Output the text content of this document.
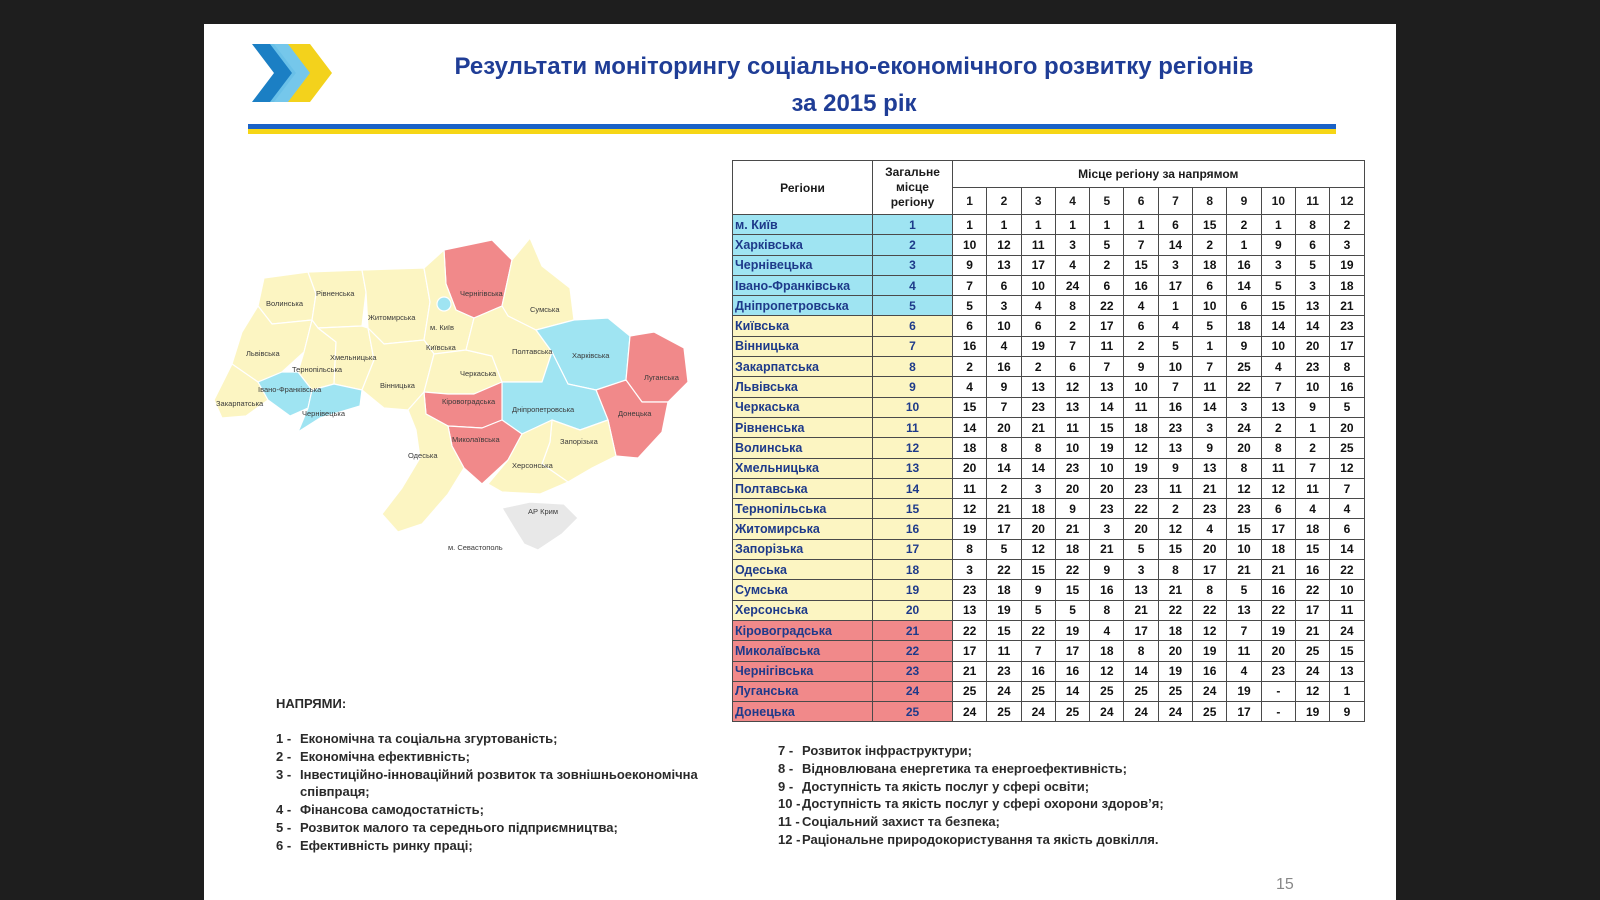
Результати моніторингу соціально-економічного розвитку регіонів
за 2015 рік
Волинська
Рівненська
Житомирська
Чернігівська
Сумська
м. Київ
Київська
Львівська
Тернопільська
Хмельницька
Вінницька
Черкаська
Полтавська	Харківська
Луганська
Донецька
Дніпропетровська
Запорізька
Кіровоградська
Миколаївська
Херсонська
Одеська
Закарпатська
Івано-Франківська
Чернівецька
АР Крим
м. Севастополь
Регіони	Загальне місце регіону	Місце регіону за напрямом											
		1	2	3	4	5	6	7	8	9	10	11	12
м. Київ	1	1	1	1	1	1	1	6	15	2	1	8	2
Харківська	2	10	12	11	3	5	7	14	2	1	9	6	3
Чернівецька	3	9	13	17	4	2	15	3	18	16	3	5	19
Івано-Франківська	4	7	6	10	24	6	16	17	6	14	5	3	18
Дніпропетровська	5	5	3	4	8	22	4	1	10	6	15	13	21
Київська	6	6	10	6	2	17	6	4	5	18	14	14	23
Вінницька	7	16	4	19	7	11	2	5	1	9	10	20	17
Закарпатська	8	2	16	2	6	7	9	10	7	25	4	23	8
Львівська	9	4	9	13	12	13	10	7	11	22	7	10	16
Черкаська	10	15	7	23	13	14	11	16	14	3	13	9	5
Рівненська	11	14	20	21	11	15	18	23	3	24	2	1	20
Волинська	12	18	8	8	10	19	12	13	9	20	8	2	25
Хмельницька	13	20	14	14	23	10	19	9	13	8	11	7	12
Полтавська	14	11	2	3	20	20	23	11	21	12	12	11	7
Тернопільська	15	12	21	18	9	23	22	2	23	23	6	4	4
Житомирська	16	19	17	20	21	3	20	12	4	15	17	18	6
Запорізька	17	8	5	12	18	21	5	15	20	10	18	15	14
Одеська	18	3	22	15	22	9	3	8	17	21	21	16	22
Сумська	19	23	18	9	15	16	13	21	8	5	16	22	10
Херсонська	20	13	19	5	5	8	21	22	22	13	22	17	11
Кіровоградська	21	22	15	22	19	4	17	18	12	7	19	21	24
Миколаївська	22	17	11	7	17	18	8	20	19	11	20	25	15
Чернігівська	23	21	23	16	16	12	14	19	16	4	23	24	13
Луганська	24	25	24	25	14	25	25	25	24	19	-	12	1
Донецька	25	24	25	24	25	24	24	24	25	17	-	19	9
НАПРЯМИ:
1 - Економічна та соціальна згуртованість;
2 - Економічна ефективність;
3 - Інвестиційно-інноваційний розвиток та зовнішньоекономічна співпраця;
4 - Фінансова самодостатність;
5 - Розвиток малого та середнього підприємництва;
6 - Ефективність ринку праці;
7 - Розвиток інфраструктури;
8 - Відновлювана енергетика та енергоефективність;
9 - Доступність та якість послуг у сфері освіти;
10 - Доступність та якість послуг у сфері охорони здоров’я;
11 - Соціальний захист та безпека;
12 - Раціональне природокористування та якість довкілля.
15
